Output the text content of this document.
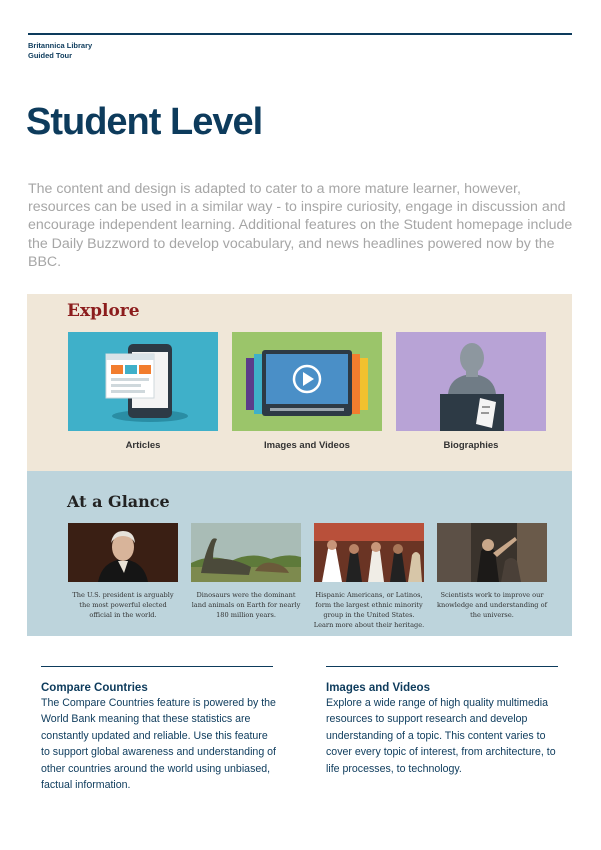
Britannica Library
Guided Tour
Student Level

The content and design is adapted to cater to a more mature learner, however, resources can be used in a similar way - to inspire curiosity, engage in discussion and encourage independent learning. Additional features on the Student homepage include the Daily Buzzword to develop vocabulary, and news headlines powered now by the BBC.

Explore
Articles	Images and Videos	Biographies
At a Glance
The U.S. president is arguably the most powerful elected official in the world.
Dinosaurs were the dominant land animals on Earth for nearly 180 million years.
Hispanic Americans, or Latinos, form the largest ethnic minority group in the United States. Learn more about their heritage.
Scientists work to improve our knowledge and understanding of the universe.
Compare Countries

The Compare Countries feature is powered by the World Bank meaning that these statistics are constantly updated and reliable. Use this feature to support global awareness and understanding of other countries around the world using unbiased, factual information.

Images and Videos

Explore a wide range of high quality multimedia resources to support research and develop understanding of a topic. This content varies to cover every topic of interest, from architecture, to life processes, to technology.
